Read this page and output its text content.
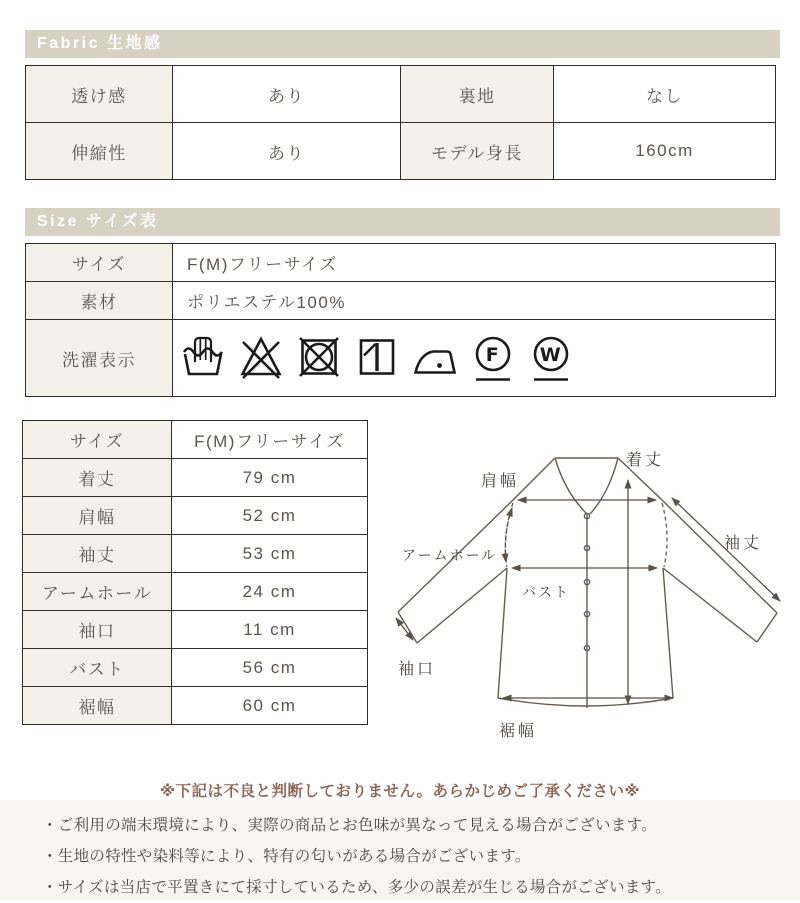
Fabric 生地感
透け感	あり	裏地	なし
伸縮性	あり	モデル身長	160cm
Size サイズ表
サイズ	F(M)フリーサイズ
素材	ポリエステル100%
洗濯表示	F W
サイズ	F(M)フリーサイズ
着丈	79 cm
肩幅	52 cm
袖丈	53 cm
アームホール	24 cm
袖口	11 cm
バスト	56 cm
裾幅	60 cm
肩幅
着丈
袖丈
アームホール
バスト
袖口
裾幅
※下記は不良と判断しておりません。あらかじめご了承ください※
・ご利用の端末環境により、実際の商品とお色味が異なって見える場合がございます。
・生地の特性や染料等により、特有の匂いがある場合がございます。
・サイズは当店で平置きにて採寸しているため、多少の誤差が生じる場合がございます。
